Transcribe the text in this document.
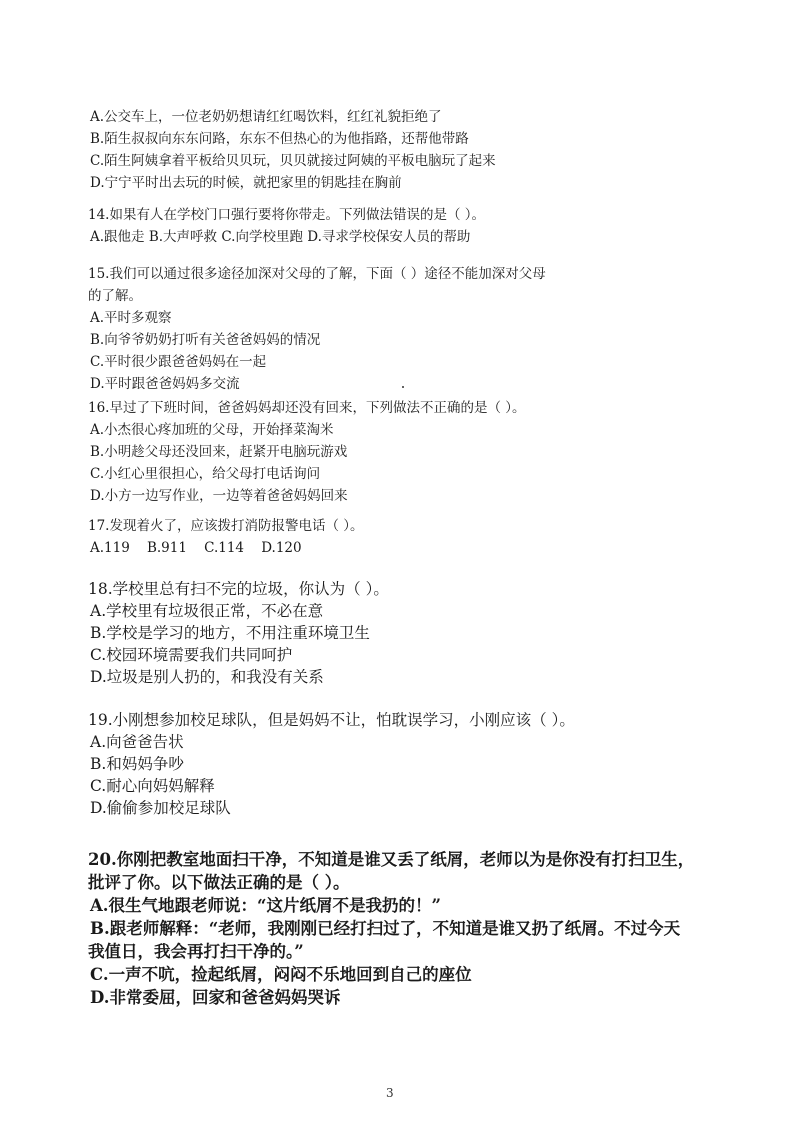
A.公交车上，一位老奶奶想请红红喝饮料，红红礼貌拒绝了
B.陌生叔叔向东东问路，东东不但热心的为他指路，还帮他带路
C.陌生阿姨拿着平板给贝贝玩，贝贝就接过阿姨的平板电脑玩了起来
D.宁宁平时出去玩的时候，就把家里的钥匙挂在胸前
14.如果有人在学校门口强行要将你带走。下列做法错误的是（ ）。
A.跟他走 B.大声呼救 C.向学校里跑 D.寻求学校保安人员的帮助
15.我们可以通过很多途径加深对父母的了解，下面（ ）途径不能加深对父母
的了解。
A.平时多观察
B.向爷爷奶奶打听有关爸爸妈妈的情况
C.平时很少跟爸爸妈妈在一起
D.平时跟爸爸妈妈多交流
16.早过了下班时间，爸爸妈妈却还没有回来，下列做法不正确的是（ ）。
A.小杰很心疼加班的父母，开始择菜淘米
B.小明趁父母还没回来，赶紧开电脑玩游戏
C.小红心里很担心，给父母打电话询问
D.小方一边写作业，一边等着爸爸妈妈回来
17.发现着火了，应该拨打消防报警电话（ ）。
A.119    B.911    C.114    D.120
18.学校里总有扫不完的垃圾，你认为（ ）。
A.学校里有垃圾很正常，不必在意
B.学校是学习的地方，不用注重环境卫生
C.校园环境需要我们共同呵护
D.垃圾是别人扔的，和我没有关系
19.小刚想参加校足球队，但是妈妈不让，怕耽误学习，小刚应该（ ）。
A.向爸爸告状
B.和妈妈争吵
C.耐心向妈妈解释
D.偷偷参加校足球队
20.你刚把教室地面扫干净，不知道是谁又丢了纸屑，老师以为是你没有打扫卫生，
批评了你。以下做法正确的是（ ）。
A.很生气地跟老师说：“这片纸屑不是我扔的！”
B.跟老师解释：“老师，我刚刚已经打扫过了，不知道是谁又扔了纸屑。不过今天
我值日，我会再打扫干净的。”
C.一声不吭，捡起纸屑，闷闷不乐地回到自己的座位
D.非常委屈，回家和爸爸妈妈哭诉
3
